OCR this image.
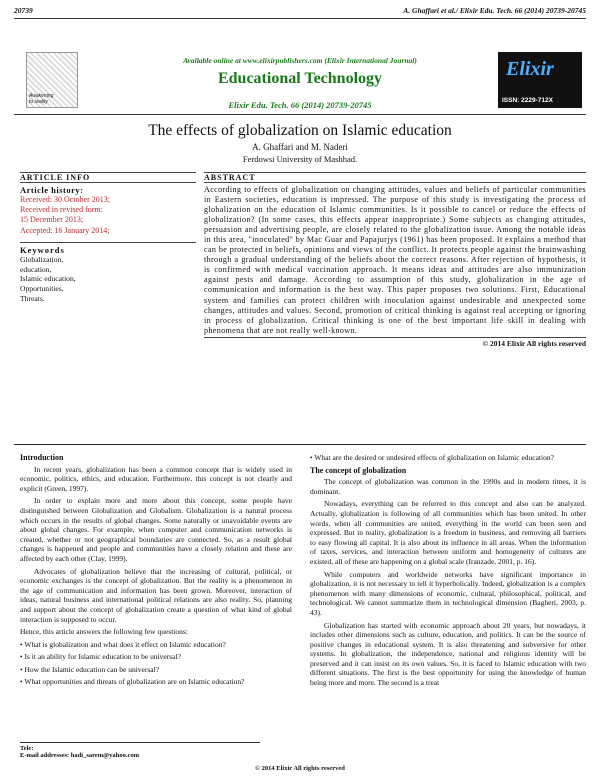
20739	A. Ghaffari et al./ Elixir Edu. Tech. 66 (2014) 20739-20745
Awakening
to reality
Available online at www.elixirpublishers.com (Elixir International Journal)
Educational Technology
Elixir Edu. Tech. 66 (2014) 20739-20745
Elixir
ISSN: 2229-712X
The effects of globalization on Islamic education
A. Ghaffari and M. Naderi
Ferdowsi University of Mashhad.
ARTICLE INFO
Article history:
Received: 30 October 2013;
Received in revised form:
15 December 2013;
Accepted: 16 January 2014;
Keywords
Globalization,
education,
Islamic education,
Opportunities,
Threats.
ABSTRACT
According to effects of globalization on changing attitudes, values and beliefs of particular communities in Eastern societies, education is impressed. The purpose of this study is investigating the process of globalization on the education of Islamic communities. Is it possible to cancel or reduce the effects of globalization? (In some cases, this effects appear inappropriate.) Some subjects as changing attitudes, persuasion and advertising people, are closely related to the globalization issue. Among the notable ideas in this area, "inoculated" by Mac Guar and Papajurjys (1961) has been proposed. It explains a method that can be protected in beliefs, opinions and views of the conflict. It protects people against the brainwashing through a gradual understanding of the beliefs about the correct reasons. After rejection of hypothesis, it is confirmed with medical vaccination approach. It means ideas and attitudes are also immunization against pests and damage. According to assumption of this study, globalization in the age of communication and information is the best way. This paper proposes two solutions. First, Educational system and families can protect children with inoculation against undesirable and unexpected some changes, attitudes and values. Second, promotion of critical thinking is against real accepting or ignoring in process of globalization. Critical thinking is one of the best important life skill in dealing with phenomena that are not really well-known.
© 2014 Elixir All rights reserved
Introduction

In recent years, globalization has been a common concept that is widely used in economic, politics, ethics, and education. Furthermore, this concept is not clearly and explicit (Green, 1997).

In order to explain more and more about this concept, some people have distinguished between Globalization and Globalism. Globalization is a natural process which occurs in the results of global changes. Some naturally or unavoidable events are about global changes. For example, when computer and communication networks is created, whether or not geographical boundaries are connected. So, as a result global changes is happened and people and communities have a closely relation and these are affected by each other (Clay, 1999).

Advocates of globalization believe that the increasing of cultural, political, or economic exchanges is the concept of globalization. But the reality is a phenomenon in the age of communication and information has been grown. Moreover, interaction of ideas, natural business and international political relations are also reality. So, planning and support about the concept of globalization create a question of what kind of global interaction is supposed to occur.

Hence, this article answers the following few questions:

• What is globalization and what does it effect on Islamic education?

• Is it an ability for Islamic education to be universal?

• How the Islamic education can be universal?

• What opportunities and threats of globalization are on Islamic education?

• What are the desired or undesired effects of globalization on Islamic education?

The concept of globalization

The concept of globalization was common in the 1990s and in modern times, it is dominant.

Nowadays, everything can be referred to this concept and also can be analyzed. Actually, globalization is following of all communities which has been united. In other words, when all communities are united, everything in the world can been seen and expressed. But in reality, globalization is a freedom in business, and removing all barriers to easy flowing all capital. It is also about its influence in all areas. When the information of taxes, services, and interaction between uniform and homogeneity of cultures are existed, all of these are happening on a global scale (Iranzade, 2001, p. 16).

While computers and worldwide networks have significant importance in globalization, it is not necessary to tell it hyperbolically. Indeed, globalization is a complex phenomenon with many dimensions of economic, cultural, philosophical, political, and technological. We cannot summarize them in technological dimension (Bagheri, 2003, p. 43).

Globalization has started with economic approach about 20 years, but nowadays, it includes other dimensions such as culture, education, and politics. It can be the source of positive changes in educational system. It is also threatening and subversive for other systems. In globalization, the independence, national and religious identity will be preserved and it can insist on its own values. So, it is faced to Islamic education with two different situations. The first is the best opportunity for using the knowledge of human being more and more. The second is a treat

Tele:
E-mail addresses: hadi_sarem@yahoo.com
© 2014 Elixir All rights reserved
